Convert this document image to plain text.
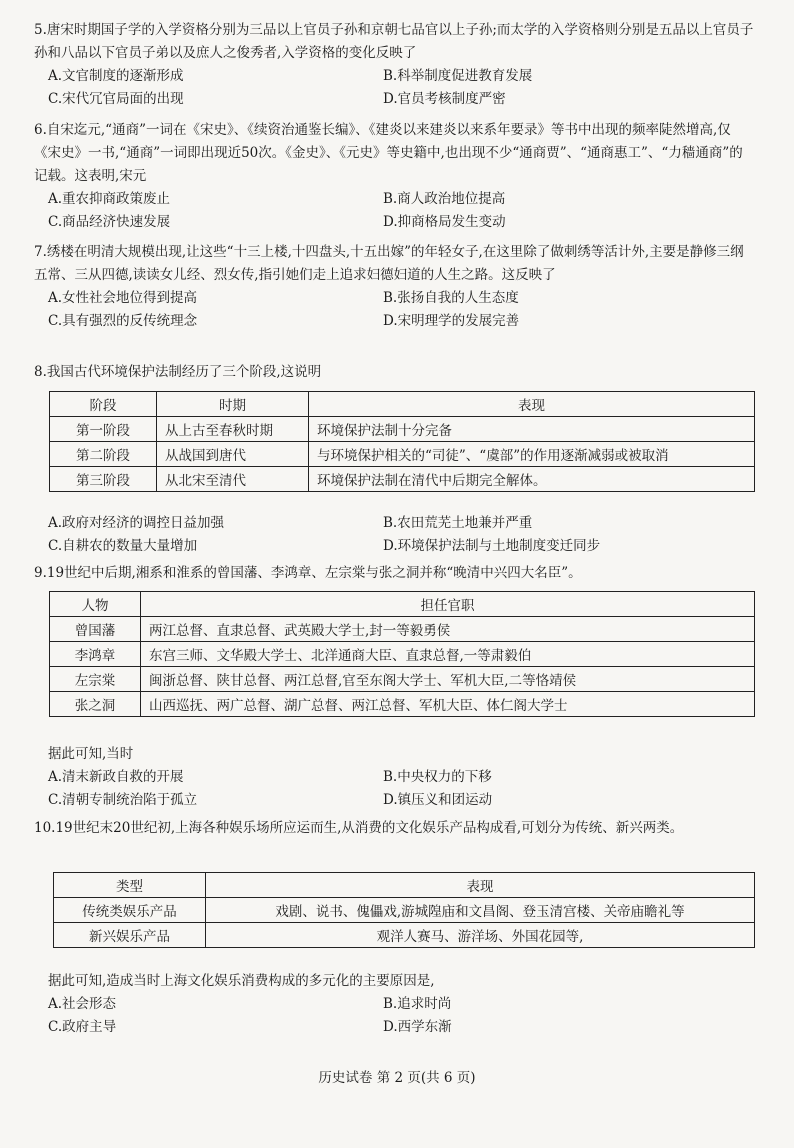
5.唐宋时期国子学的入学资格分别为三品以上官员子孙和京朝七品官以上子孙;而太学的入学资格则分别是五品以上官员子孙和八品以下官员子弟以及庶人之俊秀者,入学资格的变化反映了

A.文官制度的逐渐形成	B.科举制度促进教育发展
C.宋代冗官局面的出现	D.官员考核制度严密

6.自宋迄元,“通商”一词在《宋史》、《续资治通鉴长编》、《建炎以来建炎以来系年要录》等书中出现的频率陡然增高,仅《宋史》一书,“通商”一词即出现近50次。《金史》、《元史》等史籍中,也出现不少“通商贾”、“通商惠工”、“力穑通商”的记载。这表明,宋元

A.重农抑商政策废止	B.商人政治地位提高
C.商品经济快速发展	D.抑商格局发生变动

7.绣楼在明清大规模出现,让这些“十三上楼,十四盘头,十五出嫁”的年轻女子,在这里除了做刺绣等活计外,主要是静修三纲五常、三从四德,读读女儿经、烈女传,指引她们走上追求妇德妇道的人生之路。这反映了

A.女性社会地位得到提高	B.张扬自我的人生态度
C.具有强烈的反传统理念	D.宋明理学的发展完善

8.我国古代环境保护法制经历了三个阶段,这说明

阶段	时期	表现
第一阶段	从上古至春秋时期	环境保护法制十分完备
第二阶段	从战国到唐代	与环境保护相关的“司徒”、“虞部”的作用逐渐减弱或被取消
第三阶段	从北宋至清代	环境保护法制在清代中后期完全解体。
A.政府对经济的调控日益加强	B.农田荒芜土地兼并严重
C.自耕农的数量大量增加	D.环境保护法制与土地制度变迁同步

9.19世纪中后期,湘系和淮系的曾国藩、李鸿章、左宗棠与张之洞并称“晚清中兴四大名臣”。

人物	担任官职
曾国藩	两江总督、直隶总督、武英殿大学士,封一等毅勇侯
李鸿章	东宫三师、文华殿大学士、北洋通商大臣、直隶总督,一等肃毅伯
左宗棠	闽浙总督、陕甘总督、两江总督,官至东阁大学士、军机大臣,二等恪靖侯
张之洞	山西巡抚、两广总督、湖广总督、两江总督、军机大臣、体仁阁大学士

据此可知,当时

A.清末新政自救的开展	B.中央权力的下移
C.清朝专制统治陷于孤立	D.镇压义和团运动

10.19世纪末20世纪初,上海各种娱乐场所应运而生,从消费的文化娱乐产品构成看,可划分为传统、新兴两类。

类型	表现
传统类娱乐产品	戏剧、说书、傀儡戏,游城隍庙和文昌阁、登玉清宫楼、关帝庙瞻礼等
新兴娱乐产品	观洋人赛马、游洋场、外国花园等,

据此可知,造成当时上海文化娱乐消费构成的多元化的主要原因是,

A.社会形态	B.追求时尚
C.政府主导	D.西学东渐
历史试卷 第 2 页(共 6 页)
